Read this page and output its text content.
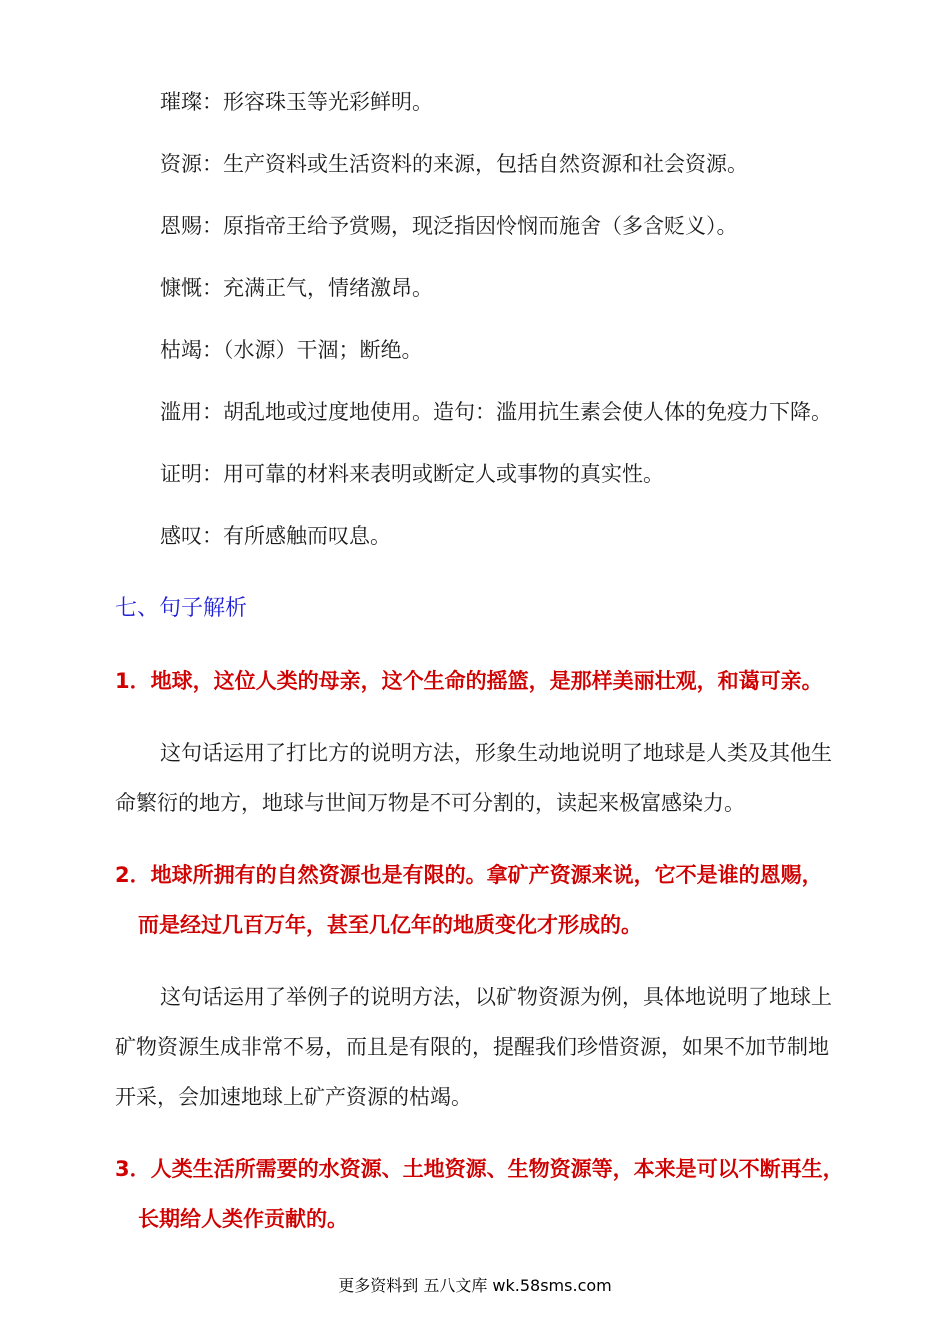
璀璨：形容珠玉等光彩鲜明。
资源：生产资料或生活资料的来源，包括自然资源和社会资源。
恩赐：原指帝王给予赏赐，现泛指因怜悯而施舍（多含贬义）。
慷慨：充满正气，情绪激昂。
枯竭：（水源）干涸；断绝。
滥用：胡乱地或过度地使用。造句：滥用抗生素会使人体的免疫力下降。
证明：用可靠的材料来表明或断定人或事物的真实性。
感叹：有所感触而叹息。
七、句子解析
1．地球，这位人类的母亲，这个生命的摇篮，是那样美丽壮观，和蔼可亲。
这句话运用了打比方的说明方法，形象生动地说明了地球是人类及其他生
命繁衍的地方，地球与世间万物是不可分割的，读起来极富感染力。
2．地球所拥有的自然资源也是有限的。拿矿产资源来说，它不是谁的恩赐，
而是经过几百万年，甚至几亿年的地质变化才形成的。
这句话运用了举例子的说明方法，以矿物资源为例，具体地说明了地球上
矿物资源生成非常不易，而且是有限的，提醒我们珍惜资源，如果不加节制地
开采，会加速地球上矿产资源的枯竭。
3．人类生活所需要的水资源、土地资源、生物资源等，本来是可以不断再生，
长期给人类作贡献的。
更多资料到 五八文库 wk.58sms.com
